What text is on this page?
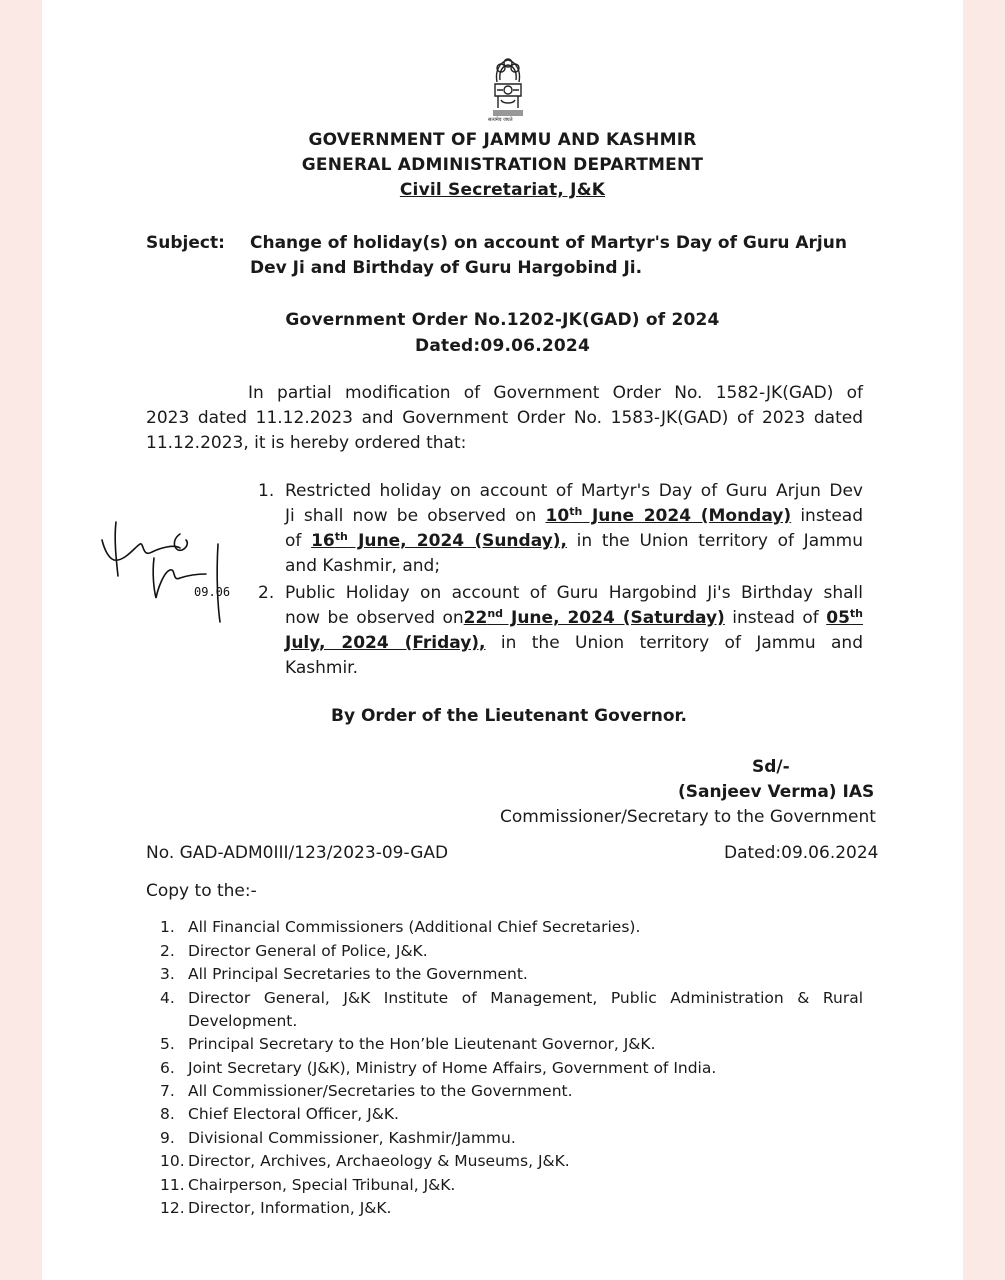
सत्यमेव जयते
GOVERNMENT OF JAMMU AND KASHMIR
GENERAL ADMINISTRATION DEPARTMENT
Civil Secretariat, J&K
Subject: Change of holiday(s) on account of Martyr's Day of Guru Arjun
Dev Ji and Birthday of Guru Hargobind Ji.
Government Order No.1202-JK(GAD) of 2024
Dated:09.06.2024
In partial modification of Government Order No. 1582-JK(GAD) of
2023 dated 11.12.2023 and Government Order No. 1583-JK(GAD) of 2023 dated
11.12.2023, it is hereby ordered that:
1. Restricted holiday on account of Martyr's Day of Guru Arjun Dev
Ji shall now be observed on 10th June 2024 (Monday) instead
of 16th June, 2024 (Sunday), in the Union territory of Jammu
and Kashmir, and;
2. Public Holiday on account of Guru Hargobind Ji's Birthday shall
now be observed on22nd June, 2024 (Saturday) instead of 05th
July, 2024 (Friday), in the Union territory of Jammu and
Kashmir.
09.06
By Order of the Lieutenant Governor.
Sd/-
(Sanjeev Verma) IAS
Commissioner/Secretary to the Government
No. GAD-ADM0III/123/2023-09-GAD	Dated:09.06.2024
Copy to the:-
1. All Financial Commissioners (Additional Chief Secretaries).
2. Director General of Police, J&K.
3. All Principal Secretaries to the Government.
4. Director General, J&K Institute of Management, Public Administration & Rural
Development.
5. Principal Secretary to the Hon’ble Lieutenant Governor, J&K.
6. Joint Secretary (J&K), Ministry of Home Affairs, Government of India.
7. All Commissioner/Secretaries to the Government.
8. Chief Electoral Officer, J&K.
9. Divisional Commissioner, Kashmir/Jammu.
10. Director, Archives, Archaeology & Museums, J&K.
11. Chairperson, Special Tribunal, J&K.
12. Director, Information, J&K.
